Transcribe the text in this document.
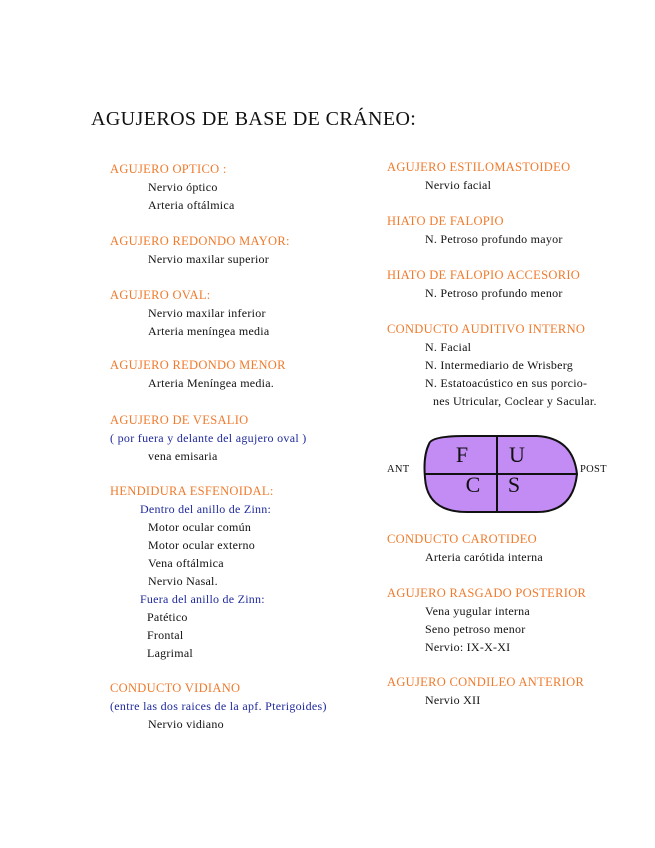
AGUJEROS DE BASE DE CRÁNEO:
AGUJERO OPTICO :
Nervio óptico
Arteria oftálmica
AGUJERO REDONDO MAYOR:
Nervio maxilar superior
AGUJERO OVAL:
Nervio maxilar inferior
Arteria meníngea media
AGUJERO REDONDO MENOR
Arteria Meníngea media.
AGUJERO DE VESALIO
( por fuera y delante del agujero oval )
vena emisaria
HENDIDURA ESFENOIDAL:
Dentro del anillo de Zinn:
Motor ocular común
Motor ocular externo
Vena oftálmica
Nervio Nasal.
Fuera del anillo de Zinn:
Patético
Frontal
Lagrimal
CONDUCTO VIDIANO
(entre las dos raices de la apf. Pterigoides)
Nervio vidiano
AGUJERO ESTILOMASTOIDEO
Nervio facial
HIATO DE FALOPIO
N. Petroso profundo mayor
HIATO DE FALOPIO ACCESORIO
N. Petroso profundo menor
CONDUCTO AUDITIVO INTERNO
N. Facial
N. Intermediario de Wrisberg
N. Estatoacústico en sus porcio-
nes Utricular, Coclear y Sacular.
CONDUCTO CAROTIDEO
Arteria carótida interna
AGUJERO RASGADO POSTERIOR
Vena yugular interna
Seno petroso menor
Nervio: IX-X-XI
AGUJERO CONDILEO ANTERIOR
Nervio XII
F U
C S
ANT	POST
